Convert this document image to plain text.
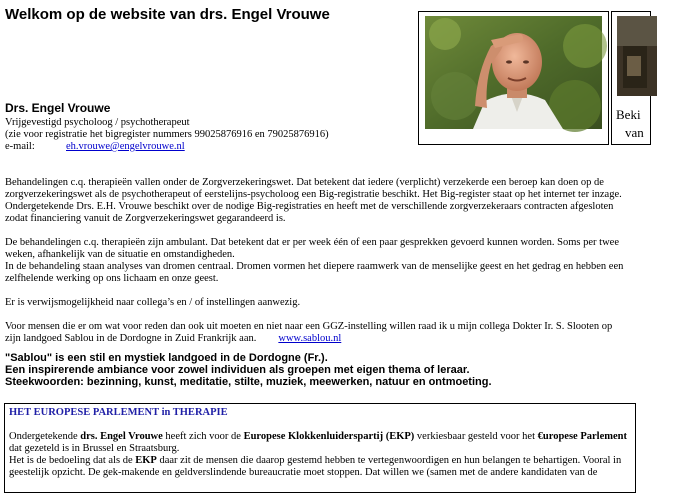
Welkom op de website van drs. Engel Vrouwe
Beki
van
Drs. Engel Vrouwe
Vrijgevestigd psycholoog / psychotherapeut
(zie voor registratie het bigregister nummers 99025876916 en 79025876916)
e-mail:	eh.vrouwe@engelvrouwe.nl

Behandelingen c.q. therapieën vallen onder de Zorgverzekeringswet. Dat betekent dat iedere (verplicht) verzekerde een beroep kan doen op de zorgverzekeringswet als de psychotherapeut of eerstelijns-psycholoog een Big-registratie beschikt. Het Big-register staat op het internet ter inzage. Ondergetekende Drs. E.H. Vrouwe beschikt over de nodige Big-registraties en heeft met de verschillende zorgverzekeraars contracten afgesloten zodat financiering vanuit de Zorgverzekeringswet gegarandeerd is.

De behandelingen c.q. therapieën zijn ambulant. Dat betekent dat er per week één of een paar gesprekken gevoerd kunnen worden. Soms per twee weken, afhankelijk van de situatie en omstandigheden.
In de behandeling staan analyses van dromen centraal. Dromen vormen het diepere raamwerk van de menselijke geest en het gedrag en hebben een zelfhelende werking op ons lichaam en onze geest.

Er is verwijsmogelijkheid naar collega’s en / of instellingen aanwezig.

Voor mensen die er om wat voor reden dan ook uit moeten en niet naar een GGZ-instelling willen raad ik u mijn collega Dokter Ir. S. Slooten op zijn landgoed Sablou in de Dordogne in Zuid Frankrijk aan. www.sablou.nl

"Sablou" is een stil en mystiek landgoed in de Dordogne (Fr.).
Een inspirerende ambiance voor zowel individuen als groepen met eigen thema of leraar.
Steekwoorden: bezinning, kunst, meditatie, stilte, muziek, meewerken, natuur en ontmoeting.
HET EUROPESE PARLEMENT in THERAPIE

Ondergetekende drs. Engel Vrouwe heeft zich voor de Europese Klokkenluiderspartij (EKP) verkiesbaar gesteld voor het €uropese Parlement dat gezeteld is in Brussel en Straatsburg.
Het is de bedoeling dat als de EKP daar zit de mensen die daarop gestemd hebben te vertegenwoordigen en hun belangen te behartigen. Vooral in geestelijk opzicht. De gek-makende en geldverslindende bureaucratie moet stoppen. Dat willen we (samen met de andere kandidaten van de
